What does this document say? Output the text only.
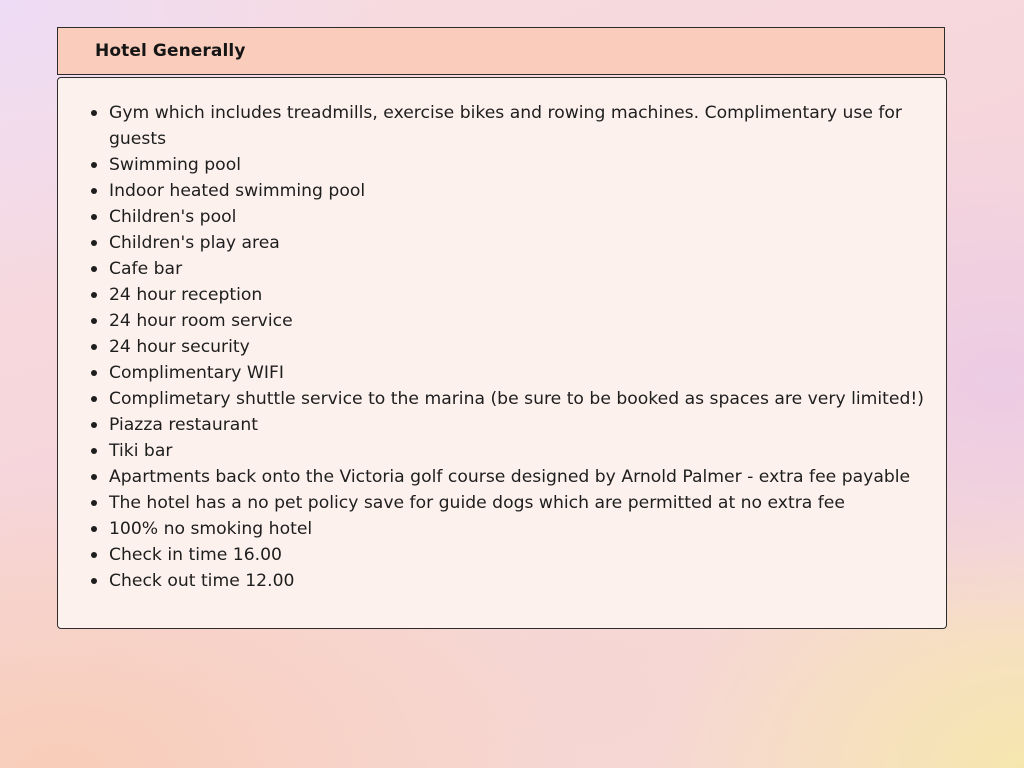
Hotel Generally
Gym which includes treadmills, exercise bikes and rowing machines. Complimentary use for guests
Swimming pool
Indoor heated swimming pool
Children's pool
Children's play area
Cafe bar
24 hour reception
24 hour room service
24 hour security
Complimentary WIFI
Complimetary shuttle service to the marina (be sure to be booked as spaces are very limited!)
Piazza restaurant
Tiki bar
Apartments back onto the Victoria golf course designed by Arnold Palmer - extra fee payable
The hotel has a no pet policy save for guide dogs which are permitted at no extra fee
100% no smoking hotel
Check in time 16.00
Check out time 12.00
